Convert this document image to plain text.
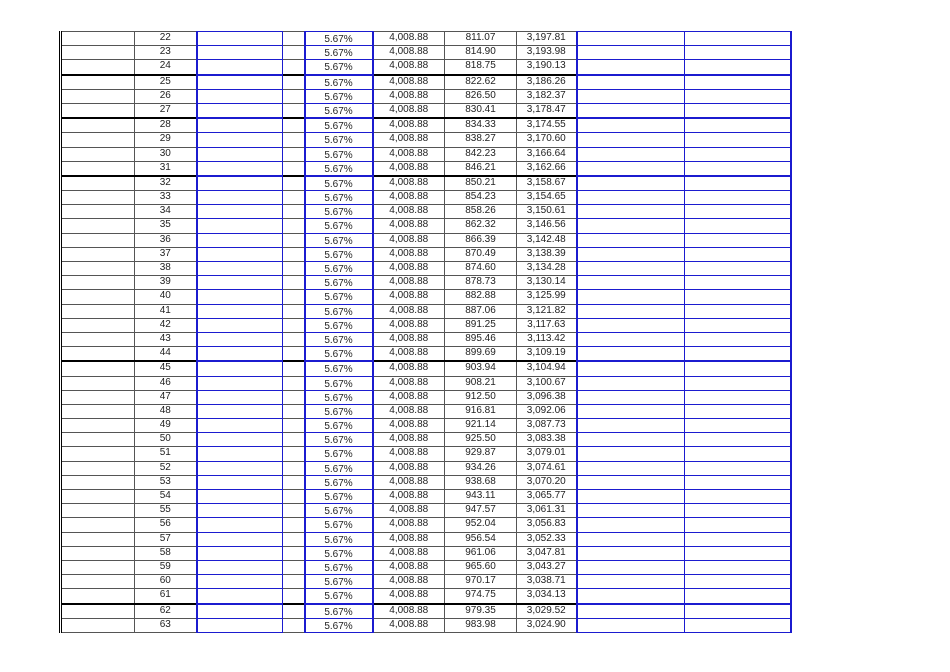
	22			5.67%	4,008.88	811.07	3,197.81		
	23			5.67%	4,008.88	814.90	3,193.98		
	24			5.67%	4,008.88	818.75	3,190.13		
	25			5.67%	4,008.88	822.62	3,186.26		
	26			5.67%	4,008.88	826.50	3,182.37		
	27			5.67%	4,008.88	830.41	3,178.47		
	28			5.67%	4,008.88	834.33	3,174.55		
	29			5.67%	4,008.88	838.27	3,170.60		
	30			5.67%	4,008.88	842.23	3,166.64		
	31			5.67%	4,008.88	846.21	3,162.66		
	32			5.67%	4,008.88	850.21	3,158.67		
	33			5.67%	4,008.88	854.23	3,154.65		
	34			5.67%	4,008.88	858.26	3,150.61		
	35			5.67%	4,008.88	862.32	3,146.56		
	36			5.67%	4,008.88	866.39	3,142.48		
	37			5.67%	4,008.88	870.49	3,138.39		
	38			5.67%	4,008.88	874.60	3,134.28		
	39			5.67%	4,008.88	878.73	3,130.14		
	40			5.67%	4,008.88	882.88	3,125.99		
	41			5.67%	4,008.88	887.06	3,121.82		
	42			5.67%	4,008.88	891.25	3,117.63		
	43			5.67%	4,008.88	895.46	3,113.42		
	44			5.67%	4,008.88	899.69	3,109.19		
	45			5.67%	4,008.88	903.94	3,104.94		
	46			5.67%	4,008.88	908.21	3,100.67		
	47			5.67%	4,008.88	912.50	3,096.38		
	48			5.67%	4,008.88	916.81	3,092.06		
	49			5.67%	4,008.88	921.14	3,087.73		
	50			5.67%	4,008.88	925.50	3,083.38		
	51			5.67%	4,008.88	929.87	3,079.01		
	52			5.67%	4,008.88	934.26	3,074.61		
	53			5.67%	4,008.88	938.68	3,070.20		
	54			5.67%	4,008.88	943.11	3,065.77		
	55			5.67%	4,008.88	947.57	3,061.31		
	56			5.67%	4,008.88	952.04	3,056.83		
	57			5.67%	4,008.88	956.54	3,052.33		
	58			5.67%	4,008.88	961.06	3,047.81		
	59			5.67%	4,008.88	965.60	3,043.27		
	60			5.67%	4,008.88	970.17	3,038.71		
	61			5.67%	4,008.88	974.75	3,034.13		
	62			5.67%	4,008.88	979.35	3,029.52		
	63			5.67%	4,008.88	983.98	3,024.90		
